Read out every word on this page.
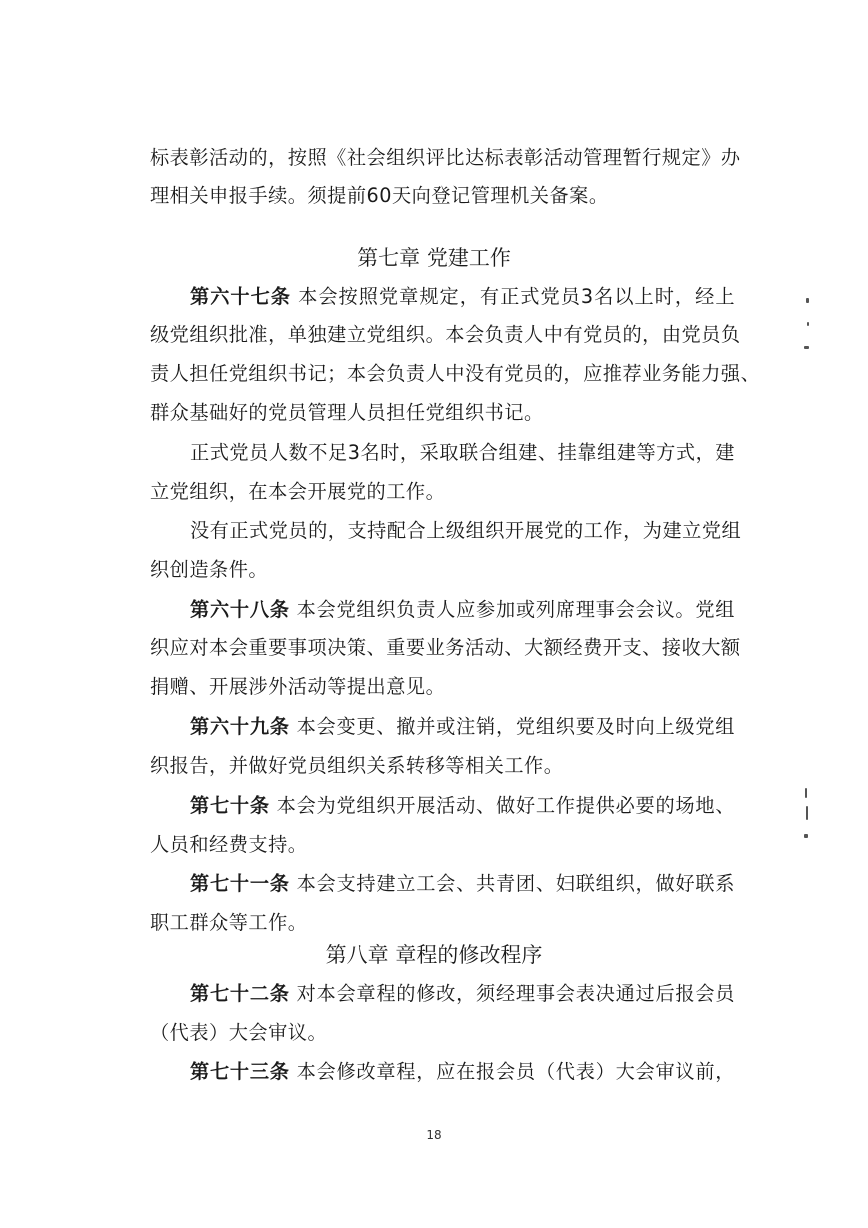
标表彰活动的，按照《社会组织评比达标表彰活动管理暂行规定》办
理相关申报手续。须提前60天向登记管理机关备案。
第七章 党建工作
第六十七条 本会按照党章规定，有正式党员3名以上时，经上
级党组织批准，单独建立党组织。本会负责人中有党员的，由党员负
责人担任党组织书记；本会负责人中没有党员的，应推荐业务能力强、
群众基础好的党员管理人员担任党组织书记。
正式党员人数不足3名时，采取联合组建、挂靠组建等方式，建
立党组织，在本会开展党的工作。
没有正式党员的，支持配合上级组织开展党的工作，为建立党组
织创造条件。
第六十八条 本会党组织负责人应参加或列席理事会会议。党组
织应对本会重要事项决策、重要业务活动、大额经费开支、接收大额
捐赠、开展涉外活动等提出意见。
第六十九条 本会变更、撤并或注销，党组织要及时向上级党组
织报告，并做好党员组织关系转移等相关工作。
第七十条 本会为党组织开展活动、做好工作提供必要的场地、
人员和经费支持。
第七十一条 本会支持建立工会、共青团、妇联组织，做好联系
职工群众等工作。
第八章 章程的修改程序
第七十二条 对本会章程的修改，须经理事会表决通过后报会员
（代表）大会审议。
第七十三条 本会修改章程，应在报会员（代表）大会审议前，
18
